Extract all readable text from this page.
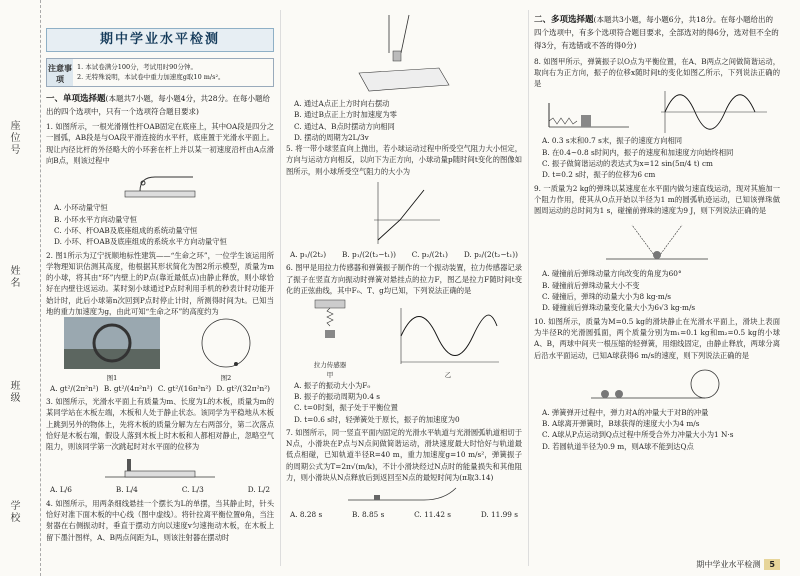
座位号
姓名
班级
学校
期中学业水平检测
注意事项
1. 本试卷满分100分，考试用时90分钟。
2. 无特殊说明，本试卷中重力加速度g取10 m/s²。
一、单项选择题(本题共7小题，每小题4分，共28分。在每小题给出的四个选项中，只有一个选项符合题目要求)
1. 如图所示，一根光滑刚性杆OAB固定在底座上，其中OA段是四分之一圆弧，AB段是与OA段平滑连接的水平杆，底座置于光滑水平面上。现让内径比杆的外径略大的小环套在杆上并以某一初速度沿杆由A点滑向B点，则该过程中
A. 小环动量守恒
B. 小环水平方向动量守恒
C. 小环、杆OAB及底座组成的系统动量守恒
D. 小环、杆OAB及底座组成的系统水平方向动量守恒
2. 图1所示为辽宁抚顺地标性建筑——“生命之环”，一位学生该运用所学物理知识估测其高度，他根据其形状简化为图2所示模型，质量为m的小球，将其由“环”内壁上的P点(靠近最低点)由静止释放，则小球恰好在内壁往返运动。某时刻小球通过P点时利用手机的秒表计时功能开始计时，此后小球第n次回到P点时停止计时，所测得时间为t。已知当地的重力加速度为g，由此可知“生命之环”的高度约为
图1	图2
A. gt²/(2π²n²) B. gt²/(4π²n²) C. gt²/(16π²n²) D. gt²/(32π²n²)
3. 如图所示，光滑水平面上有质量为m、长度为L的木板，质量为m的某同学站在木板左端，木板和人处于静止状态。该同学为平稳地从木板上跳到另外的物体上，先将木板的质量分解为左右两部分，第二次落点恰好是木板右端，假设人落到木板上时木板和人都相对静止，忽略空气阻力，则该同学第一次跳起时对水平面的位移为
A. L/6	B. L/4	C. L/3	D. L/2
4. 如图所示，用两条细线悬挂一个摆长为L的单摆，当其静止时，针头恰好对准下面木板的中心线（图中虚线）。将针拉离平衡位置θ角，当注射器在右侧振动时，垂直于摆动方向以速度v匀速拖动木板，在木板上留下墨汁图样，A、B两点间距为L，则该注射器在摆动时
A. 通过A点正上方时向右摆动
B. 通过B点正上方时加速度为零
C. 通过A、B点时摆动方向相同
D. 摆动的周期为2L/3v
5. 将一带小球竖直向上抛出，若小球运动过程中所受空气阻力大小恒定，方向与运动方向相反，以向下为正方向，小球动量p随时间t变化的图像如图所示，则小球所受空气阻力的大小为
A. p₁/(2t₂) B. p₁/(2(t₂−t₁)) C. p₂/(2t₁) D. p₂/(2(t₂−t₁))
6. 图甲是用拉力传感器和弹簧振子制作的一个振动装置，拉力传感器记录了振子在竖直方向振动时弹簧对悬挂点的拉力F，图乙是拉力F随时间t变化的正弦曲线，其中F₀、T、g均已知，下列说法正确的是
拉力传感器
甲	乙
A. 振子的振动大小为F₀
B. 振子的振动周期为0.4 s
C. t=0时刻，振子处于平衡位置
D. t=0.6 s时，轻弹簧处于原长，振子的加速度为0
7. 如图所示，同一竖直平面内固定的光滑水平轨道与光滑圆弧轨道相切于N点，小滑块在P点与N点间做简谐运动，滑块速度最大时恰好与轨道最低点相碰，已知轨道半径R=40 m，重力加速度g=10 m/s²，弹簧振子的周期公式为T=2π√(m/k)，不计小滑块经过N点时的能量损失和其他阻力，则小滑块从N点释放后到返回至N点的最短时间为(π取3.14)
A. 8.28 s	B. 8.85 s	C. 11.42 s	D. 11.99 s
二、多项选择题(本题共3小题，每小题6分，共18分。在每小题给出的四个选项中，有多个选项符合题目要求，全部选对的得6分，选对但不全的得3分，有选错或不答的得0分)
8. 如图甲所示，弹簧振子以O点为平衡位置，在A、B两点之间做简谐运动，取向右为正方向，振子的位移x随时间t的变化如图乙所示，下列说法正确的是
A. 0.3 s末和0.7 s末，振子的速度方向相同
B. 在0.4~0.8 s时间内，振子的速度和加速度方向始终相同
C. 振子做简谐运动的表达式为x=12 sin(5π/4 t) cm
D. t=0.2 s时，振子的位移为6 cm
9. 一质量为2 kg的弹珠以某速度在水平面内做匀速直线运动，现对其施加一个阻力作用，使其从O点开始以半径为1 m的圆弧轨迹运动，已知该弹珠做圆周运动的总时间为1 s，碰撞前弹珠的速度为9 J，则下列说法正确的是
A. 碰撞前后弹珠动量方向改变的角度为60°
B. 碰撞前后弹珠动量大小不变
C. 碰撞后，弹珠的动量大小为8 kg·m/s
D. 碰撞前后弹珠动量变化量大小为6√3 kg·m/s
10. 如图所示，质量为M=0.5 kg的滑块静止在光滑水平面上，滑块上表面为半径R的光滑圆弧面，两个质量分别为m₁=0.1 kg和m₂=0.5 kg的小球A、B，两球中间夹一根压缩的轻弹簧，用细线固定，由静止释放，两球分离后沿水平面运动，已知A球获得6 m/s的速度，则下列说法正确的是
A. 弹簧弹开过程中，弹力对A的冲量大于对B的冲量
B. A球离开弹簧时，B球获得的速度大小为4 m/s
C. A球从P点运动到Q点过程中所受合外力冲量大小为1 N·s
D. 若圆轨道半径为0.9 m，则A球不能到达Q点
期中学业水平检测	5
